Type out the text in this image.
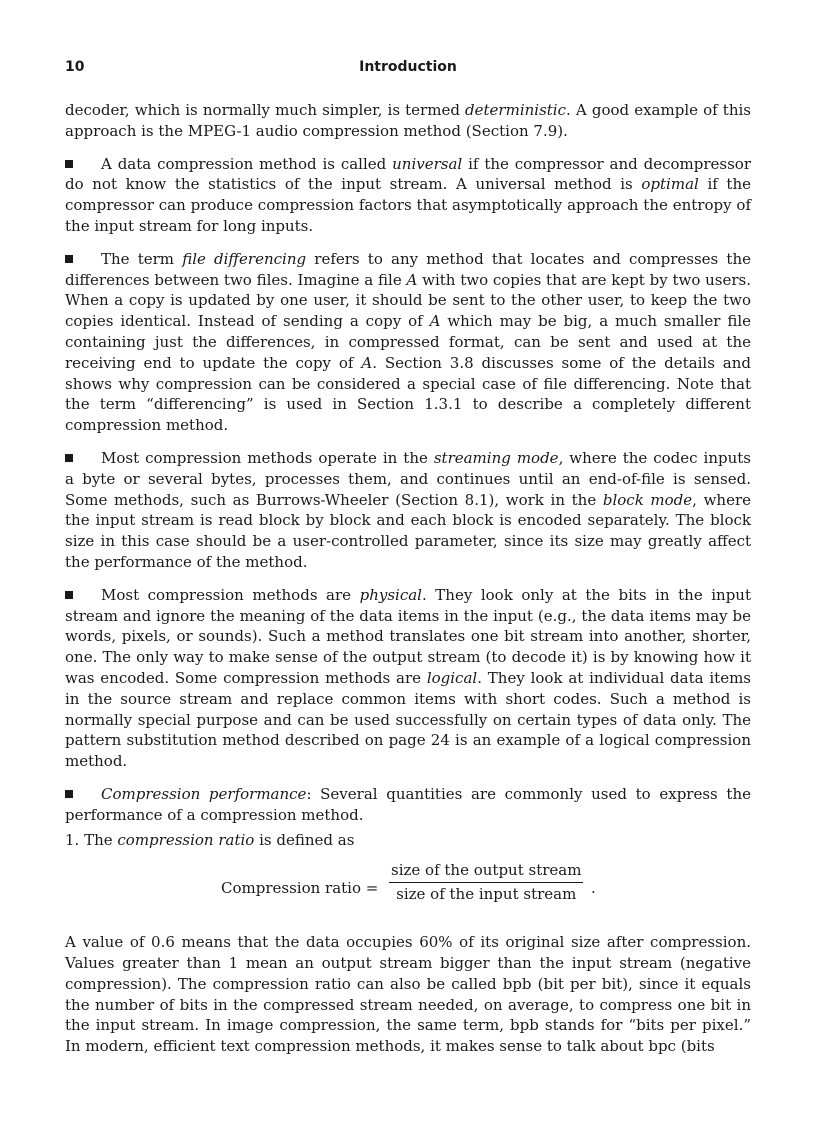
10	Introduction

decoder, which is normally much simpler, is termed deterministic. A good example of this approach is the MPEG-1 audio compression method (Section 7.9).

A data compression method is called universal if the compressor and decompressor do not know the statistics of the input stream. A universal method is optimal if the compressor can produce compression factors that asymptotically approach the entropy of the input stream for long inputs.

The term file differencing refers to any method that locates and compresses the differences between two files. Imagine a file A with two copies that are kept by two users. When a copy is updated by one user, it should be sent to the other user, to keep the two copies identical. Instead of sending a copy of A which may be big, a much smaller file containing just the differences, in compressed format, can be sent and used at the receiving end to update the copy of A. Section 3.8 discusses some of the details and shows why compression can be considered a special case of file differencing. Note that the term “differencing” is used in Section 1.3.1 to describe a completely different compression method.

Most compression methods operate in the streaming mode, where the codec inputs a byte or several bytes, processes them, and continues until an end-of-file is sensed. Some methods, such as Burrows-Wheeler (Section 8.1), work in the block mode, where the input stream is read block by block and each block is encoded separately. The block size in this case should be a user-controlled parameter, since its size may greatly affect the performance of the method.

Most compression methods are physical. They look only at the bits in the input stream and ignore the meaning of the data items in the input (e.g., the data items may be words, pixels, or sounds). Such a method translates one bit stream into another, shorter, one. The only way to make sense of the output stream (to decode it) is by knowing how it was encoded. Some compression methods are logical. They look at individual data items in the source stream and replace common items with short codes. Such a method is normally special purpose and can be used successfully on certain types of data only. The pattern substitution method described on page 24 is an example of a logical compression method.

Compression performance: Several quantities are commonly used to express the performance of a compression method.

1. The compression ratio is defined as

Compression ratio =
size of the output stream
size of the input stream .

A value of 0.6 means that the data occupies 60% of its original size after compression. Values greater than 1 mean an output stream bigger than the input stream (negative compression). The compression ratio can also be called bpb (bit per bit), since it equals the number of bits in the compressed stream needed, on average, to compress one bit in the input stream. In image compression, the same term, bpb stands for “bits per pixel.” In modern, efficient text compression methods, it makes sense to talk about bpc (bits
